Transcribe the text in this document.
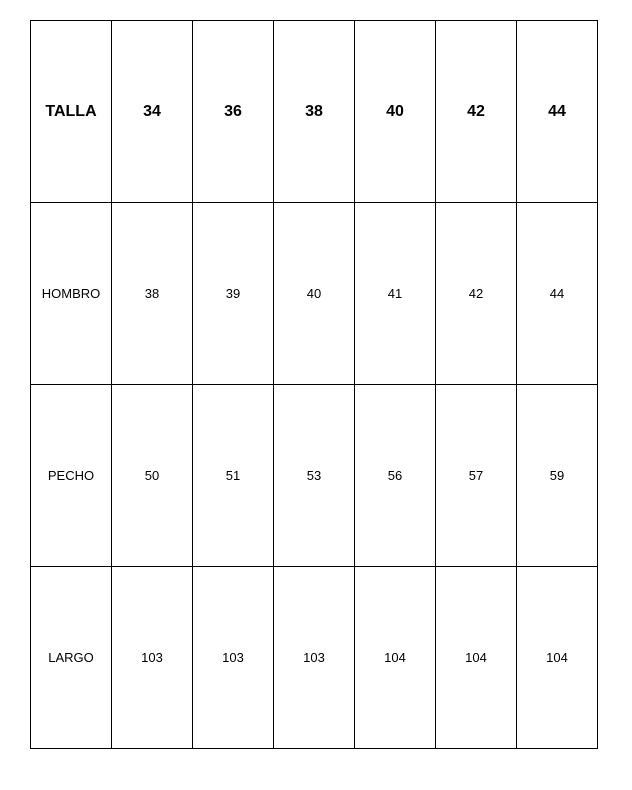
TALLA	34	36	38	40	42	44
HOMBRO	38	39	40	41	42	44
PECHO	50	51	53	56	57	59
LARGO	103	103	103	104	104	104
